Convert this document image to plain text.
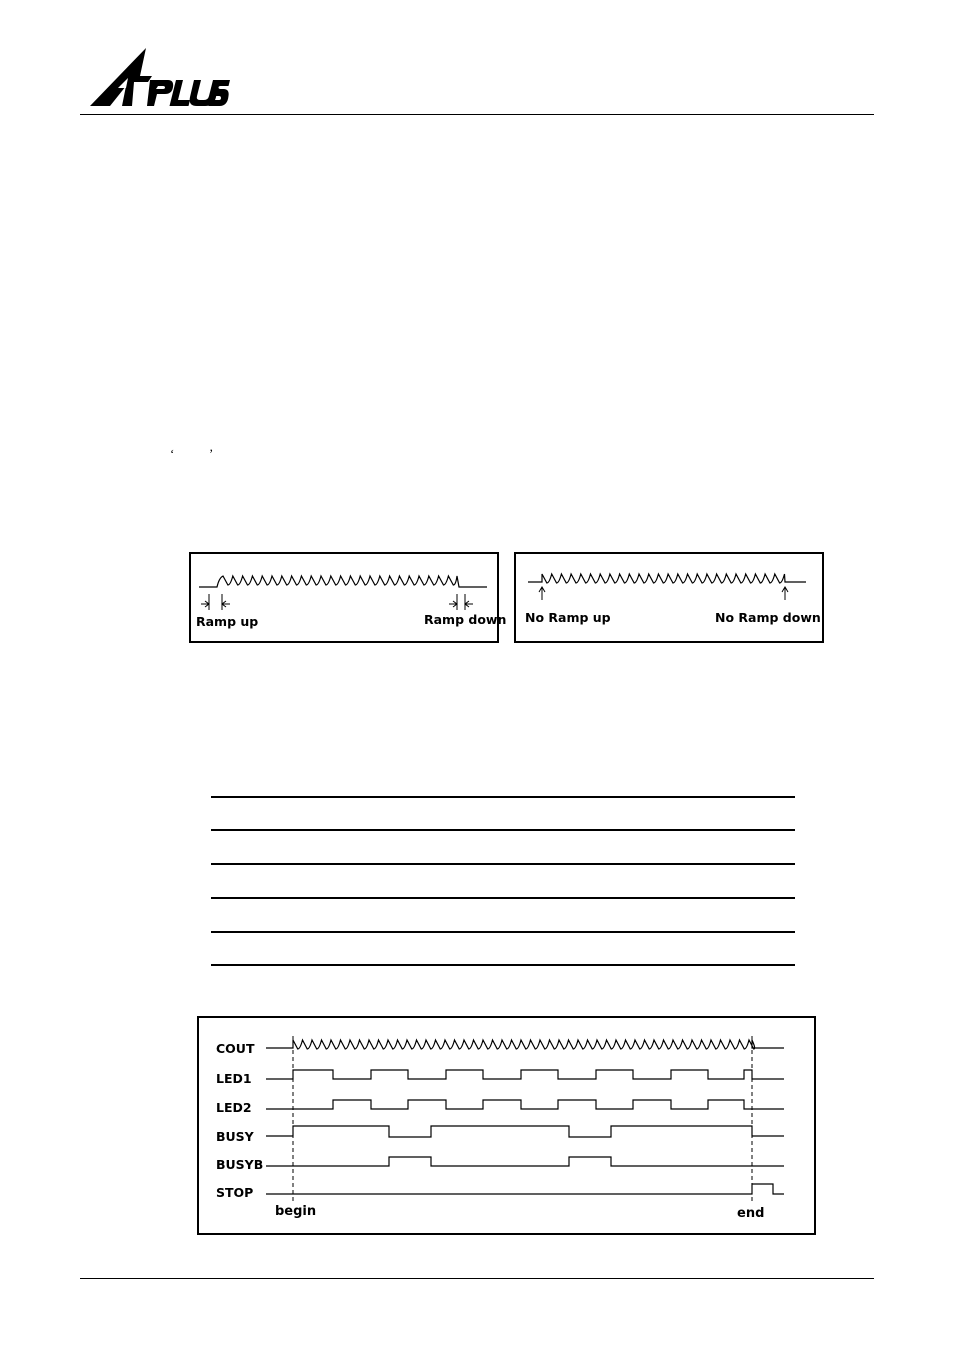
4PLUS
‘	’
Ramp up	Ramp down No Ramp up	No Ramp down
COUT
LED1
LED2
BUSY
BUSYB
STOP
begin	end
